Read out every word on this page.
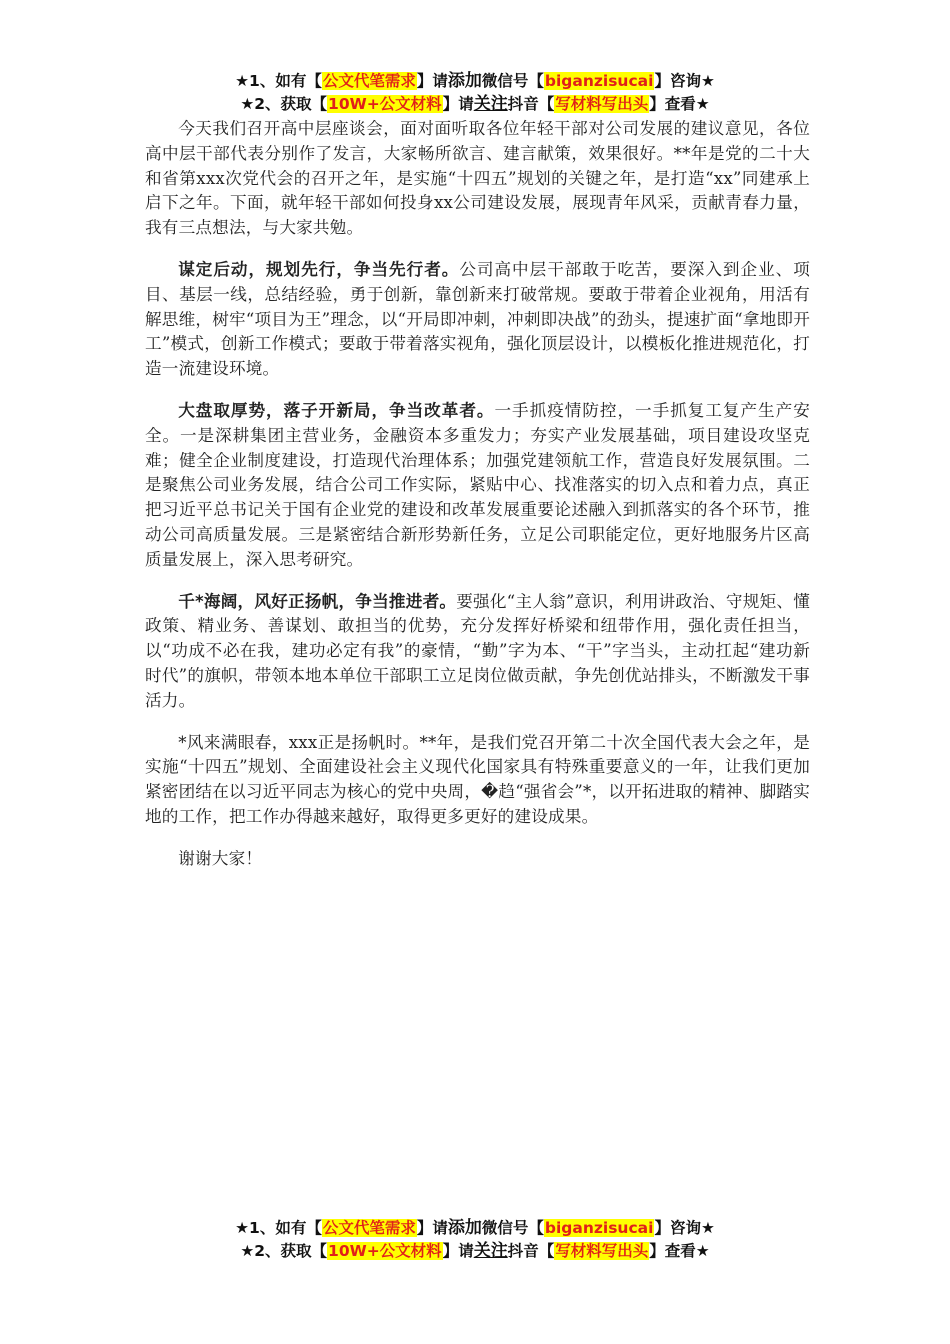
★1、如有【公文代笔需求】请添加微信号【biganzisucai】咨询★
★2、获取【10W+公文材料】请关注抖音【写材料写出头】查看★

今天我们召开高中层座谈会，面对面听取各位年轻干部对公司发展的建议意见，各位高中层干部代表分别作了发言，大家畅所欲言、建言献策，效果很好。**年是党的二十大和省第xxx次党代会的召开之年，是实施“十四五”规划的关键之年，是打造“xx”同建承上启下之年。下面，就年轻干部如何投身xx公司建设发展，展现青年风采，贡献青春力量，我有三点想法，与大家共勉。

谋定后动，规划先行，争当先行者。公司高中层干部敢于吃苦，要深入到企业、项目、基层一线，总结经验，勇于创新，靠创新来打破常规。要敢于带着企业视角，用活有解思维，树牢“项目为王”理念，以“开局即冲刺，冲刺即决战”的劲头，提速扩面“拿地即开工”模式，创新工作模式；要敢于带着落实视角，强化顶层设计，以模板化推进规范化，打造一流建设环境。

大盘取厚势，落子开新局，争当改革者。一手抓疫情防控，一手抓复工复产生产安全。一是深耕集团主营业务，金融资本多重发力；夯实产业发展基础，项目建设攻坚克难；健全企业制度建设，打造现代治理体系；加强党建领航工作，营造良好发展氛围。二是聚焦公司业务发展，结合公司工作实际，紧贴中心、找准落实的切入点和着力点，真正把习近平总书记关于国有企业党的建设和改革发展重要论述融入到抓落实的各个环节，推动公司高质量发展。三是紧密结合新形势新任务，立足公司职能定位，更好地服务片区高质量发展上，深入思考研究。

千*海阔，风好正扬帆，争当推进者。要强化“主人翁”意识，利用讲政治、守规矩、懂政策、精业务、善谋划、敢担当的优势，充分发挥好桥梁和纽带作用，强化责任担当，以“功成不必在我，建功必定有我”的豪情，“勤”字为本、“干”字当头，主动扛起“建功新时代”的旗帜，带领本地本单位干部职工立足岗位做贡献，争先创优站排头，不断激发干事活力。

*风来满眼春，xxx正是扬帆时。**年，是我们党召开第二十次全国代表大会之年，是实施“十四五”规划、全面建设社会主义现代化国家具有特殊重要意义的一年，让我们更加紧密团结在以习近平同志为核心的党中央周，�趋“强省会”*，以开拓进取的精神、脚踏实地的工作，把工作办得越来越好，取得更多更好的建设成果。

谢谢大家！

★1、如有【公文代笔需求】请添加微信号【biganzisucai】咨询★
★2、获取【10W+公文材料】请关注抖音【写材料写出头】查看★
